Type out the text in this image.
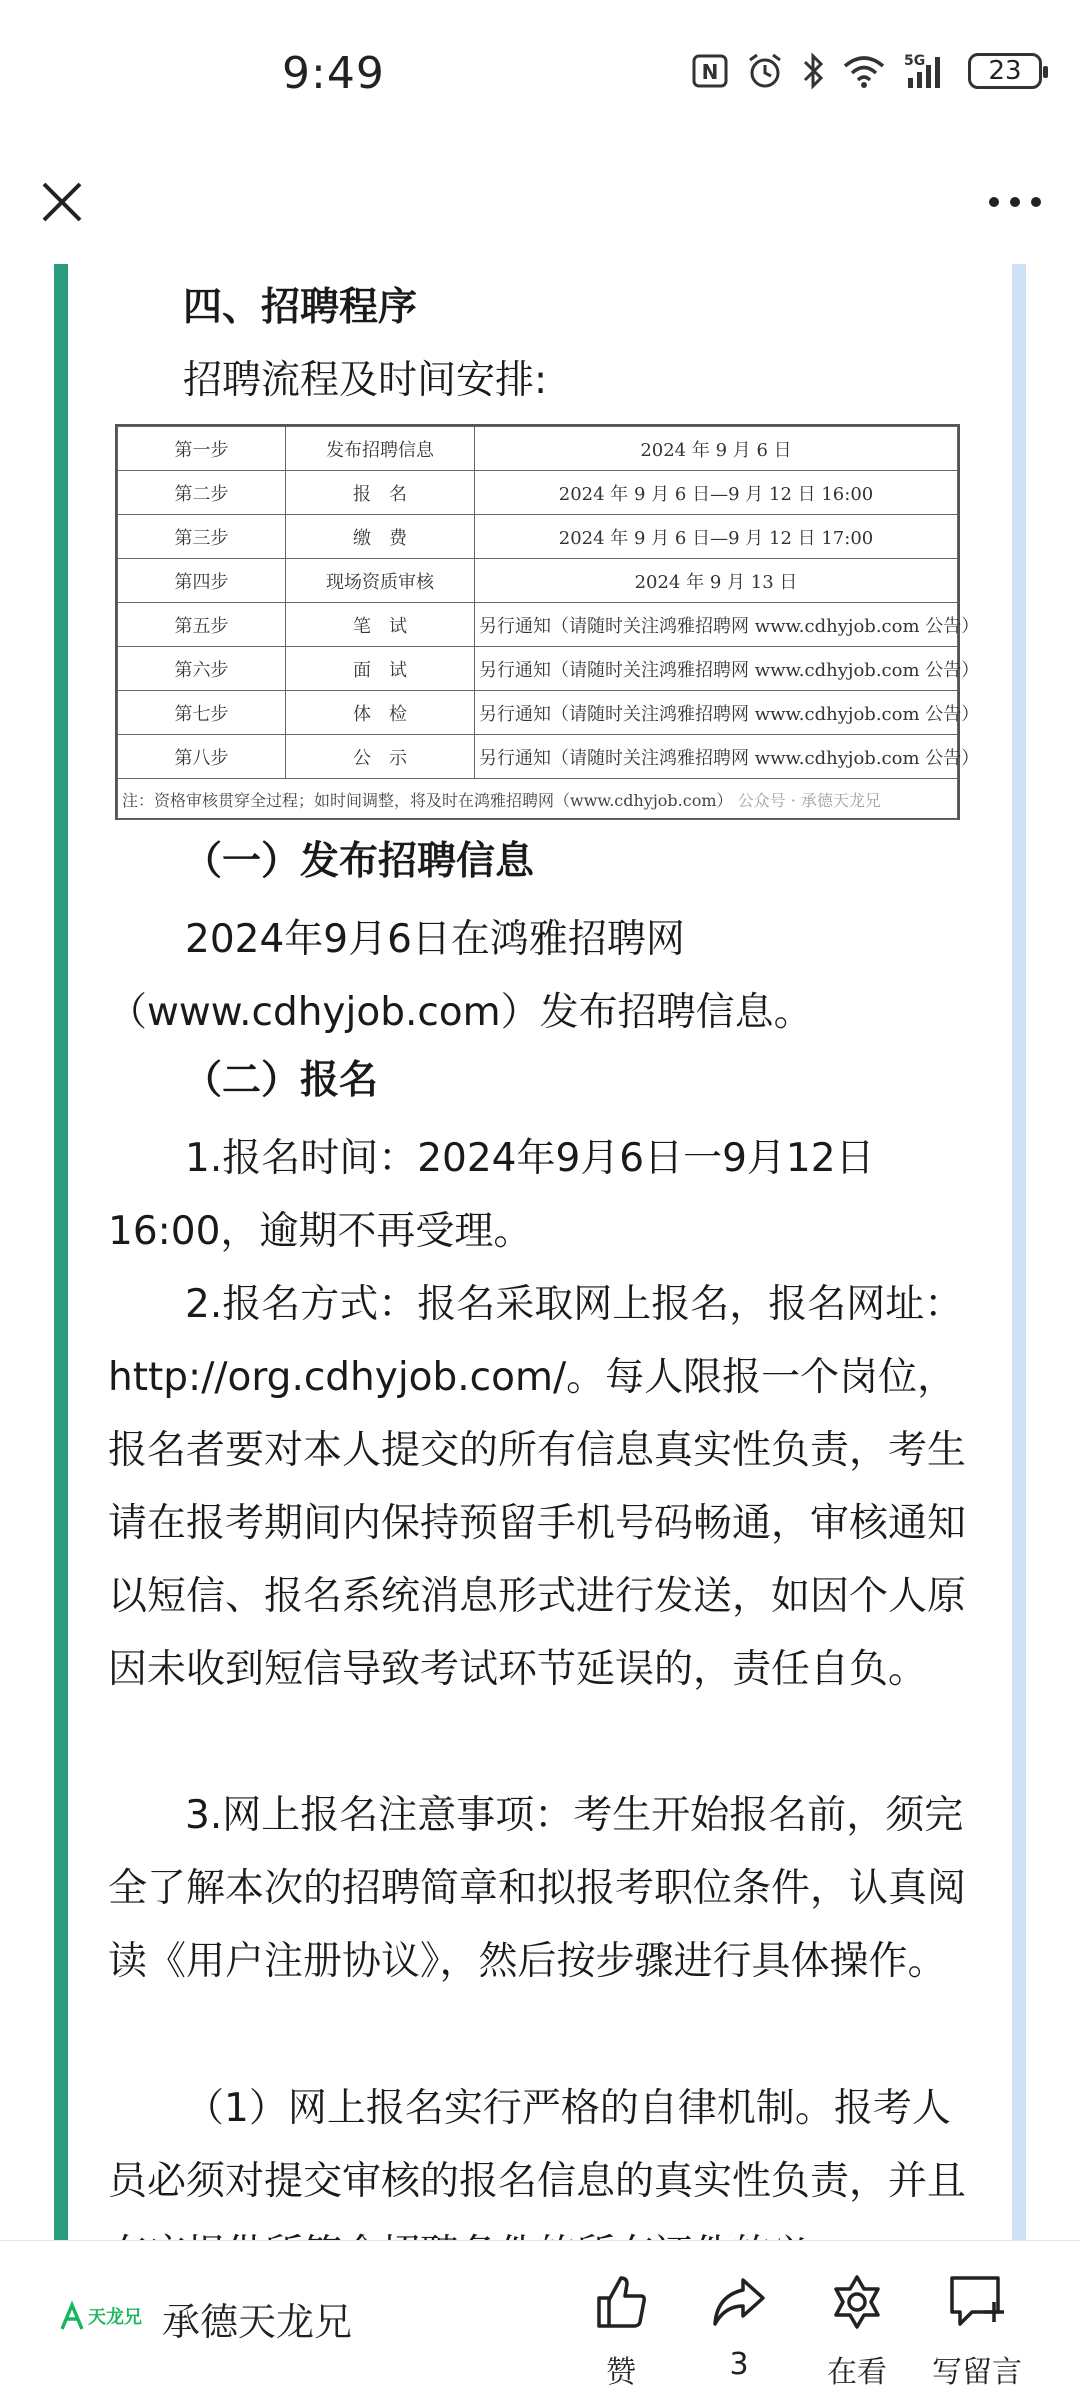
9:49	N	5G	23
四、招聘程序
招聘流程及时间安排:
第一步	发布招聘信息	2024 年 9 月 6 日
第二步	报　名	2024 年 9 月 6 日—9 月 12 日 16:00
第三步	缴　费	2024 年 9 月 6 日—9 月 12 日 17:00
第四步	现场资质审核	2024 年 9 月 13 日
第五步	笔　试	另行通知（请随时关注鸿雅招聘网 www.cdhyjob.com 公告）
第六步	面　试	另行通知（请随时关注鸿雅招聘网 www.cdhyjob.com 公告）
第七步	体　检	另行通知（请随时关注鸿雅招聘网 www.cdhyjob.com 公告）
第八步	公　示	另行通知（请随时关注鸿雅招聘网 www.cdhyjob.com 公告）
注：资格审核贯穿全过程；如时间调整，将及时在鸿雅招聘网（www.cdhyjob.com） 公众号 · 承德天龙兄		
（一）发布招聘信息

2024年9月6日在鸿雅招聘网（www.cdhyjob.com）发布招聘信息。

（二）报名

1.报名时间：2024年9月6日一9月12日16:00，逾期不再受理。

2.报名方式：报名采取网上报名，报名网址：http://org.cdhyjob.com/。每人限报一个岗位，报名者要对本人提交的所有信息真实性负责，考生请在报考期间内保持预留手机号码畅通，审核通知以短信、报名系统消息形式进行发送，如因个人原因未收到短信导致考试环节延误的，责任自负。

3.网上报名注意事项：考生开始报名前，须完全了解本次的招聘简章和拟报考职位条件，认真阅读《用户注册协议》，然后按步骤进行具体操作。

（1）网上报名实行严格的自律机制。报考人员必须对提交审核的报名信息的真实性负责，并且

天龙兄 承德天龙兄
赞	3	在看	写留言
